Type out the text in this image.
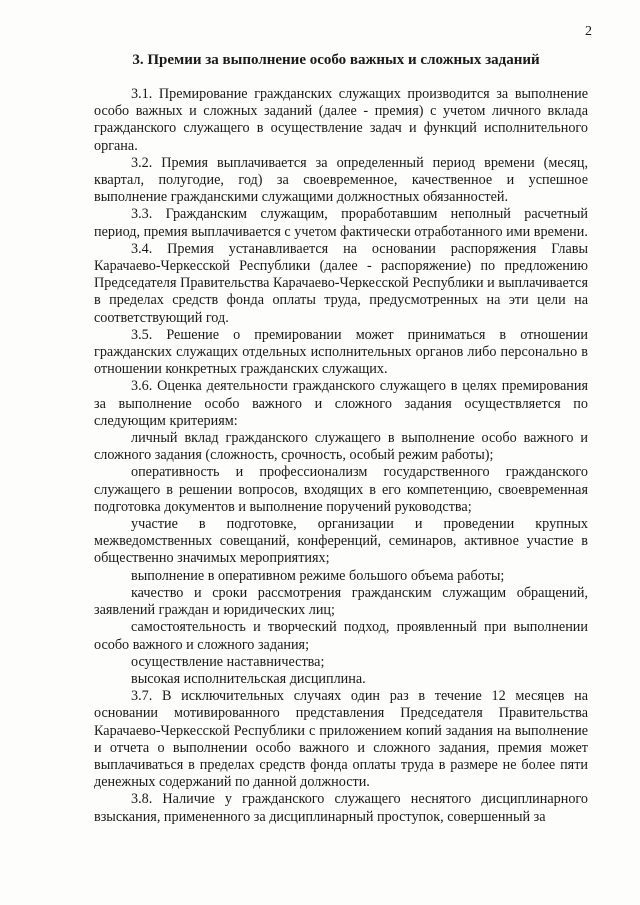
2
3. Премии за выполнение особо важных и сложных заданий

3.1. Премирование гражданских служащих производится за выполнение особо важных и сложных заданий (далее - премия) с учетом личного вклада гражданского служащего в осуществление задач и функций исполнительного органа.

3.2. Премия выплачивается за определенный период времени (месяц, квартал, полугодие, год) за своевременное, качественное и успешное выполнение гражданскими служащими должностных обязанностей.

3.3. Гражданским служащим, проработавшим неполный расчетный период, премия выплачивается с учетом фактически отработанного ими времени.

3.4. Премия устанавливается на основании распоряжения Главы Карачаево-Черкесской Республики (далее - распоряжение) по предложению Председателя Правительства Карачаево-Черкесской Республики и выплачивается в пределах средств фонда оплаты труда, предусмотренных на эти цели на соответствующий год.

3.5. Решение о премировании может приниматься в отношении гражданских служащих отдельных исполнительных органов либо персонально в отношении конкретных гражданских служащих.

3.6. Оценка деятельности гражданского служащего в целях премирования за выполнение особо важного и сложного задания осуществляется по следующим критериям:

личный вклад гражданского служащего в выполнение особо важного и сложного задания (сложность, срочность, особый режим работы);

оперативность и профессионализм государственного гражданского служащего в решении вопросов, входящих в его компетенцию, своевременная подготовка документов и выполнение поручений руководства;

участие в подготовке, организации и проведении крупных межведомственных совещаний, конференций, семинаров, активное участие в общественно значимых мероприятиях;

выполнение в оперативном режиме большого объема работы;

качество и сроки рассмотрения гражданским служащим обращений, заявлений граждан и юридических лиц;

самостоятельность и творческий подход, проявленный при выполнении особо важного и сложного задания;

осуществление наставничества;

высокая исполнительская дисциплина.

3.7. В исключительных случаях один раз в течение 12 месяцев на основании мотивированного представления Председателя Правительства Карачаево-Черкесской Республики с приложением копий задания на выполнение и отчета о выполнении особо важного и сложного задания, премия может выплачиваться в пределах средств фонда оплаты труда в размере не более пяти денежных содержаний по данной должности.

3.8. Наличие у гражданского служащего неснятого дисциплинарного взыскания, примененного за дисциплинарный проступок, совершенный за
